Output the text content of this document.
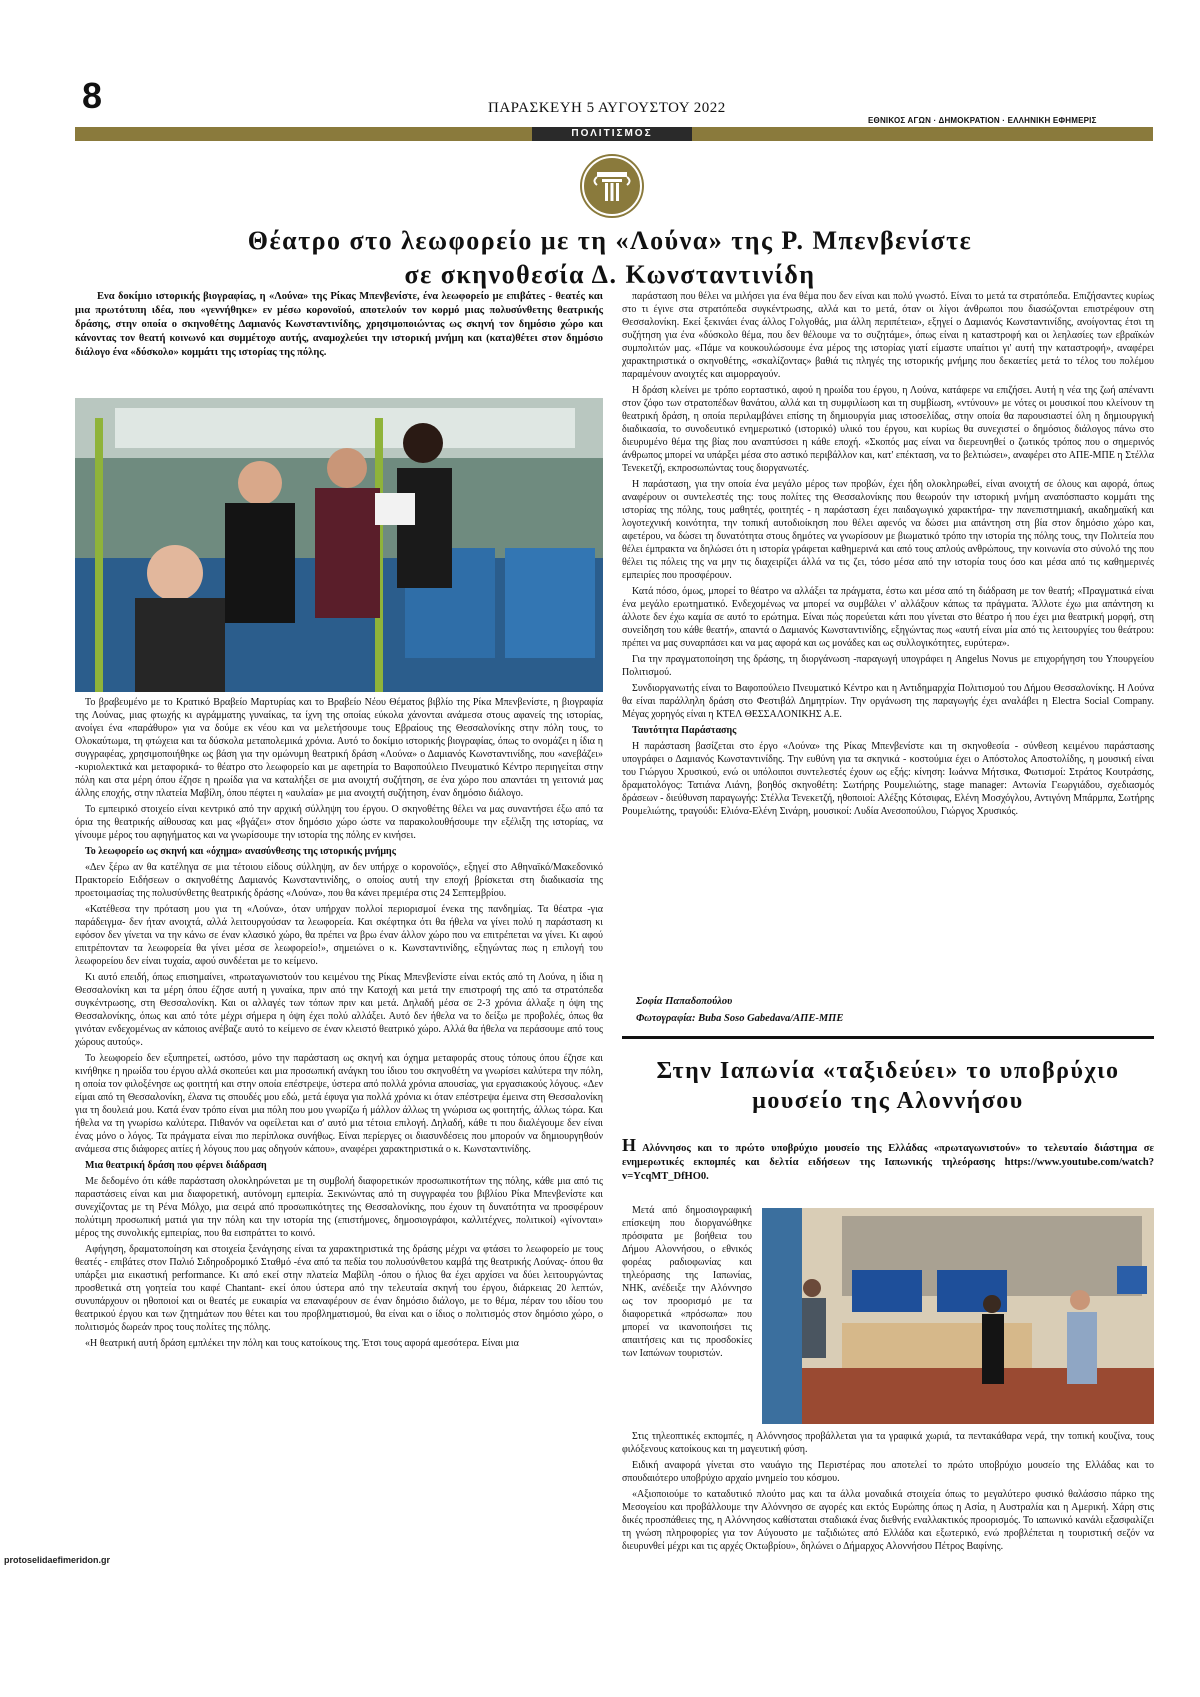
8	ΠΑΡΑΣΚΕΥΗ 5 ΑΥΓΟΥΣΤΟΥ 2022
ΕΘΝΙΚΟΣ ΑΓΩΝ · ΔΗΜΟΚΡΑΤΙΟΝ · ΕΛΛΗΝΙΚΗ ΕΦΗΜΕΡΙΣ
ΠΟΛΙΤΙΣΜΟΣ
Θέατρο στο λεωφορείο με τη «Λούνα» της Ρ. Μπενβενίστε
σε σκηνοθεσία Δ. Κωνσταντινίδη

Ενα δοκίμιο ιστορικής βιογραφίας, η «Λούνα» της Ρίκας Μπενβενίστε, ένα λεωφορείο με επιβάτες - θεατές και μια πρωτότυπη ιδέα, που «γεννήθηκε» εν μέσω κορονοϊού, αποτελούν τον κορμό μιας πολυσύνθετης θεατρικής δράσης, στην οποία ο σκηνοθέτης Δαμιανός Κωνσταντινίδης, χρησιμοποιώντας ως σκηνή τον δημόσιο χώρο και κάνοντας τον θεατή κοινωνό και συμμέτοχο αυτής, αναμοχλεύει την ιστορική μνήμη και (κατα)θέτει στον δημόσιο διάλογο ένα «δύσκολο» κομμάτι της ιστορίας της πόλης.

Το βραβευμένο με το Κρατικό Βραβείο Μαρτυρίας και το Βραβείο Νέου Θέματος βιβλίο της Ρίκα Μπενβενίστε, η βιογραφία της Λούνας, μιας φτωχής κι αγράμματης γυναίκας, τα ίχνη της οποίας εύκολα χάνονται ανάμεσα στους αφανείς της ιστορίας, ανοίγει ένα «παράθυρο» για να δούμε εκ νέου και να μελετήσουμε τους Εβραίους της Θεσσαλονίκης στην πόλη τους, το Ολοκαύτωμα, τη φτώχεια και τα δύσκολα μεταπολεμικά χρόνια. Αυτό το δοκίμιο ιστορικής βιογραφίας, όπως το ονομάζει η ίδια η συγγραφέας, χρησιμοποιήθηκε ως βάση για την ομώνυμη θεατρική δράση «Λούνα» ο Δαμιανός Κωνσταντινίδης, που «ανεβάζει» -κυριολεκτικά και μεταφορικά- το θέατρο στο λεωφορείο και με αφετηρία το Βαφοπούλειο Πνευματικό Κέντρο περιηγείται στην πόλη και στα μέρη όπου έζησε η ηρωίδα για να καταλήξει σε μια ανοιχτή συζήτηση, σε ένα χώρο που απαντάει τη γειτονιά μας άλλης εποχής, στην πλατεία Μαβίλη, όπου πέφτει η «αυλαία» με μια ανοιχτή συζήτηση, έναν δημόσιο διάλογο.

Το εμπειρικό στοιχείο είναι κεντρικό από την αρχική σύλληψη του έργου. Ο σκηνοθέτης θέλει να μας συναντήσει έξω από τα όρια της θεατρικής αίθουσας και μας «βγάζει» στον δημόσιο χώρο ώστε να παρακολουθήσουμε την εξέλιξη της ιστορίας, να γίνουμε μέρος του αφηγήματος και να γνωρίσουμε την ιστορία της πόλης εν κινήσει.

Το λεωφορείο ως σκηνή και «όχημα» ανασύνθεσης της ιστορικής μνήμης

«Δεν ξέρω αν θα κατέληγα σε μια τέτοιου είδους σύλληψη, αν δεν υπήρχε ο κορονοϊός», εξηγεί στο Αθηναϊκό/Μακεδονικό Πρακτορείο Ειδήσεων ο σκηνοθέτης Δαμιανός Κωνσταντινίδης, ο οποίος αυτή την εποχή βρίσκεται στη διαδικασία της προετοιμασίας της πολυσύνθετης θεατρικής δράσης «Λούνα», που θα κάνει πρεμιέρα στις 24 Σεπτεμβρίου.

«Κατέθεσα την πρόταση μου για τη «Λούνα», όταν υπήρχαν πολλοί περιορισμοί ένεκα της πανδημίας. Τα θέατρα -για παράδειγμα- δεν ήταν ανοιχτά, αλλά λειτουργούσαν τα λεωφορεία. Και σκέφτηκα ότι θα ήθελα να γίνει πολύ η παράσταση κι εφόσον δεν γίνεται να την κάνω σε έναν κλασικό χώρο, θα πρέπει να βρω έναν άλλον χώρο που να επιτρέπεται να γίνει. Κι αφού επιτρέπονταν τα λεωφορεία θα γίνει μέσα σε λεωφορείο!», σημειώνει ο κ. Κωνσταντινίδης, εξηγώντας πως η επιλογή του λεωφορείου δεν είναι τυχαία, αφού συνδέεται με το κείμενο.

Κι αυτό επειδή, όπως επισημαίνει, «πρωταγωνιστούν του κειμένου της Ρίκας Μπενβενίστε είναι εκτός από τη Λούνα, η ίδια η Θεσσαλονίκη και τα μέρη όπου έζησε αυτή η γυναίκα, πριν από την Κατοχή και μετά την επιστροφή της από τα στρατόπεδα συγκέντρωσης, στη Θεσσαλονίκη. Και οι αλλαγές των τόπων πριν και μετά. Δηλαδή μέσα σε 2-3 χρόνια άλλαξε η όψη της Θεσσαλονίκης, όπως και από τότε μέχρι σήμερα η όψη έχει πολύ αλλάξει. Αυτό δεν ήθελα να το δείξω με προβολές, όπως θα γινόταν ενδεχομένως αν κάποιος ανέβαζε αυτό το κείμενο σε έναν κλειστό θεατρικό χώρο. Αλλά θα ήθελα να περάσουμε από τους χώρους αυτούς».

Το λεωφορείο δεν εξυπηρετεί, ωστόσο, μόνο την παράσταση ως σκηνή και όχημα μεταφοράς στους τόπους όπου έζησε και κινήθηκε η ηρωίδα του έργου αλλά σκοπεύει και μια προσωπική ανάγκη του ίδιου του σκηνοθέτη να γνωρίσει καλύτερα την πόλη, η οποία τον φιλοξένησε ως φοιτητή και στην οποία επέστρεψε, ύστερα από πολλά χρόνια απουσίας, για εργασιακούς λόγους. «Δεν είμαι από τη Θεσσαλονίκη, έλανα τις σπουδές μου εδώ, μετά έφυγα για πολλά χρόνια κι όταν επέστρεψα έμεινα στη Θεσσαλονίκη για τη δουλειά μου. Κατά έναν τρόπο είναι μια πόλη που μου γνωρίζω ή μάλλον άλλως τη γνώρισα ως φοιτητής, άλλως τώρα. Και ήθελα να τη γνωρίσω καλύτερα. Πιθανόν να οφείλεται και σ' αυτό μια τέτοια επιλογή. Δηλαδή, κάθε τι που διαλέγουμε δεν είναι ένας μόνο ο λόγος. Τα πράγματα είναι πιο περίπλοκα συνήθως. Είναι περίεργες οι διασυνδέσεις που μπορούν να δημιουργηθούν ανάμεσα στις διάφορες αιτίες ή λόγους που μας οδηγούν κάπου», αναφέρει χαρακτηριστικά ο κ. Κωνσταντινίδης.

Μια θεατρική δράση που φέρνει διάδραση

Με δεδομένο ότι κάθε παράσταση ολοκληρώνεται με τη συμβολή διαφορετικών προσωπικοτήτων της πόλης, κάθε μια από τις παραστάσεις είναι και μια διαφορετική, αυτόνομη εμπειρία. Ξεκινώντας από τη συγγραφέα του βιβλίου Ρίκα Μπενβενίστε και συνεχίζοντας με τη Ρένα Μόλχο, μια σειρά από προσωπικότητες της Θεσσαλονίκης, που έχουν τη δυνατότητα να προσφέρουν πολύτιμη προσωπική ματιά για την πόλη και την ιστορία της (επιστήμονες, δημοσιογράφοι, καλλιτέχνες, πολιτικοί) «γίνονται» μέρος της συνολικής εμπειρίας, που θα εισπράττει το κοινό.

Αφήγηση, δραματοποίηση και στοιχεία ξενάγησης είναι τα χαρακτηριστικά της δράσης μέχρι να φτάσει το λεωφορείο με τους θεατές - επιβάτες στον Παλιό Σιδηροδρομικό Σταθμό -ένα από τα πεδία του πολυσύνθετου καμβά της θεατρικής Λούνας- όπου θα υπάρξει μια εικαστική performance. Κι από εκεί στην πλατεία Μαβίλη -όπου ο ήλιος θα έχει αρχίσει να δύει λειτουργώντας προσθετικά στη γοητεία του καφέ Chantant- εκεί όπου ύστερα από την τελευταία σκηνή του έργου, διάρκειας 20 λεπτών, συνυπάρχουν οι ηθοποιοί και οι θεατές με ευκαιρία να επαναφέρουν σε έναν δημόσιο διάλογο, με το θέμα, πέραν του ιδίου του θεατρικού έργου και των ζητημάτων που θέτει και του προβληματισμού, θα είναι και ο ίδιος ο πολιτισμός στον δημόσιο χώρο, ο πολιτισμός δωρεάν προς τους πολίτες της πόλης.

«Η θεατρική αυτή δράση εμπλέκει την πόλη και τους κατοίκους της. Έτσι τους αφορά αμεσότερα. Είναι μια

παράσταση που θέλει να μιλήσει για ένα θέμα που δεν είναι και πολύ γνωστό. Είναι το μετά τα στρατόπεδα. Επιζήσαντες κυρίως στο τι έγινε στα στρατόπεδα συγκέντρωσης, αλλά και το μετά, όταν οι λίγοι άνθρωποι που διασώζονται επιστρέφουν στη Θεσσαλονίκη. Εκεί ξεκινάει ένας άλλος Γολγοθάς, μια άλλη περιπέτεια», εξηγεί ο Δαμιανός Κωνσταντινίδης, ανοίγοντας έτσι τη συζήτηση για ένα «δύσκολο θέμα, που δεν θέλουμε να το συζητάμε», όπως είναι η καταστροφή και οι λεηλασίες των εβραϊκών συμπολιτών μας. «Πάμε να κουκουλώσουμε ένα μέρος της ιστορίας γιατί είμαστε υπαίτιοι γι' αυτή την καταστροφή», αναφέρει χαρακτηριστικά ο σκηνοθέτης, «σκαλίζοντας» βαθιά τις πληγές της ιστορικής μνήμης που δεκαετίες μετά το τέλος του πολέμου παραμένουν ανοιχτές και αιμορραγούν.

Η δράση κλείνει με τρόπο εορταστικό, αφού η ηρωίδα του έργου, η Λούνα, κατάφερε να επιζήσει. Αυτή η νέα της ζωή απέναντι στον ζόφο των στρατοπέδων θανάτου, αλλά και τη συμφιλίωση και τη συμβίωση, «ντύνουν» με νότες οι μουσικοί που κλείνουν τη θεατρική δράση, η οποία περιλαμβάνει επίσης τη δημιουργία μιας ιστοσελίδας, στην οποία θα παρουσιαστεί όλη η δημιουργική διαδικασία, το συνοδευτικό ενημερωτικό (ιστορικό) υλικό του έργου, και κυρίως θα συνεχιστεί ο δημόσιος διάλογος πάνω στο διευρυμένο θέμα της βίας που αναπτύσσει η κάθε εποχή. «Σκοπός μας είναι να διερευνηθεί ο ζωτικός τρόπος που ο σημερινός άνθρωπος μπορεί να υπάρξει μέσα στο αστικό περιβάλλον και, κατ' επέκταση, να το βελτιώσει», αναφέρει στο ΑΠΕ-ΜΠΕ η Στέλλα Τενεκετζή, εκπροσωπώντας τους διοργανωτές.

Η παράσταση, για την οποία ένα μεγάλο μέρος των προβών, έχει ήδη ολοκληρωθεί, είναι ανοιχτή σε όλους και αφορά, όπως αναφέρουν οι συντελεστές της: τους πολίτες της Θεσσαλονίκης που θεωρούν την ιστορική μνήμη αναπόσπαστο κομμάτι της ιστορίας της πόλης, τους μαθητές, φοιτητές - η παράσταση έχει παιδαγωγικό χαρακτήρα- την πανεπιστημιακή, ακαδημαϊκή και λογοτεχνική κοινότητα, την τοπική αυτοδιοίκηση που θέλει αφενός να δώσει μια απάντηση στη βία στον δημόσιο χώρο και, αφετέρου, να δώσει τη δυνατότητα στους δημότες να γνωρίσουν με βιωματικό τρόπο την ιστορία της πόλης τους, την Πολιτεία που θέλει έμπρακτα να δηλώσει ότι η ιστορία γράφεται καθημερινά και από τους απλούς ανθρώπους, την κοινωνία στο σύνολό της που θέλει τις πόλεις της να μην τις διαχειρίζει άλλά να τις ζει, τόσο μέσα από την ιστορία τους όσο και μέσα από τις καθημερινές εμπειρίες που προσφέρουν.

Κατά πόσο, όμως, μπορεί το θέατρο να αλλάξει τα πράγματα, έστω και μέσα από τη διάδραση με τον θεατή; «Πραγματικά είναι ένα μεγάλο ερωτηματικό. Ενδεχομένως να μπορεί να συμβάλει ν' αλλάξουν κάπως τα πράγματα. Άλλοτε έχω μια απάντηση κι άλλοτε δεν έχω καμία σε αυτό το ερώτημα. Είναι πώς πορεύεται κάτι που γίνεται στο θέατρο ή που έχει μια θεατρική μορφή, στη συνείδηση του κάθε θεατή», απαντά ο Δαμιανός Κωνσταντινίδης, εξηγώντας πως «αυτή είναι μία από τις λειτουργίες του θεάτρου: πρέπει να μας συναρπάσει και να μας αφορά και ως μονάδες και ως συλλογικότητες, ευρύτερα».

Για την πραγματοποίηση της δράσης, τη διοργάνωση -παραγωγή υπογράφει η Angelus Novus με επιχορήγηση του Υπουργείου Πολιτισμού.

Συνδιοργανωτής είναι το Βαφοπούλειο Πνευματικό Κέντρο και η Αντιδημαρχία Πολιτισμού του Δήμου Θεσσαλονίκης. Η Λούνα θα είναι παράλληλη δράση στο Φεστιβάλ Δημητρίων. Την οργάνωση της παραγωγής έχει αναλάβει η Electra Social Company. Μέγας χορηγός είναι η ΚΤΕΛ ΘΕΣΣΑΛΟΝΙΚΗΣ Α.Ε.

Ταυτότητα Παράστασης

Η παράσταση βασίζεται στο έργο «Λούνα» της Ρίκας Μπενβενίστε και τη σκηνοθεσία - σύνθεση κειμένου παράστασης υπογράφει ο Δαμιανός Κωνσταντινίδης. Την ευθύνη για τα σκηνικά - κοστούμια έχει ο Απόστολος Αποστολίδης, η μουσική είναι του Γιώργου Χρυσικού, ενώ οι υπόλοιποι συντελεστές έχουν ως εξής: κίνηση: Ιωάννα Μήτσικα, Φωτισμοί: Στράτος Κουτράσης, δραματολόγος: Τατιάνα Λιάνη, βοηθός σκηνοθέτη: Σωτήρης Ρουμελιώτης, stage manager: Αντωνία Γεωργιάδου, σχεδιασμός δράσεων - διεύθυνση παραγωγής: Στέλλα Τενεκετζή, ηθοποιοί: Αλέξης Κότσιφας, Ελένη Μοσχόγλου, Αντιγόνη Μπάρμπα, Σωτήρης Ρουμελιώτης, τραγούδι: Ελιόνα-Ελένη Σινάρη, μουσικοί: Λυδία Ανεσοπούλου, Γιώργος Χρυσικός.

Σοφία Παπαδοπούλου
Φωτογραφία: Buba Soso Gabedava/ΑΠΕ-ΜΠΕ
Στην Ιαπωνία «ταξιδεύει» το υποβρύχιο
μουσείο της Αλοννήσου

Η Αλόννησος και το πρώτο υποβρύχιο μουσείο της Ελλάδας «πρωταγωνιστούν» το τελευταίο διάστημα σε ενημερωτικές εκπομπές και δελτία ειδήσεων της Ιαπωνικής τηλεόρασης https://www.youtube.com/watch?v=YcqMT_DfHO0.

Μετά από δημοσιογραφική επίσκεψη που διοργανώθηκε πρόσφατα με βοήθεια του Δήμου Αλοννήσου, ο εθνικός φορέας ραδιοφωνίας και τηλεόρασης της Ιαπωνίας, NHK, ανέδειξε την Αλόννησο ως τον προορισμό με τα διαφορετικά «πρόσωπα» που μπορεί να ικανοποιήσει τις απαιτήσεις και τις προσδοκίες των Ιαπώνων τουριστών.

Στις τηλεοπτικές εκπομπές, η Αλόννησος προβάλλεται για τα γραφικά χωριά, τα πεντακάθαρα νερά, την τοπική κουζίνα, τους φιλόξενους κατοίκους και τη μαγευτική φύση.

Ειδική αναφορά γίνεται στο ναυάγιο της Περιστέρας που αποτελεί το πρώτο υποβρύχιο μουσείο της Ελλάδας και το σπουδαιότερο υποβρύχιο αρχαίο μνημείο του κόσμου.

«Αξιοποιούμε το καταδυτικό πλούτο μας και τα άλλα μοναδικά στοιχεία όπως το μεγαλύτερο φυσικό θαλάσσιο πάρκο της Μεσογείου και προβάλλουμε την Αλόννησο σε αγορές και εκτός Ευρώπης όπως η Ασία, η Αυστραλία και η Αμερική. Χάρη στις δικές προσπάθειες της, η Αλόννησος καθίσταται σταδιακά ένας διεθνής εναλλακτικός προορισμός. Το ιαπωνικό κανάλι εξασφαλίζει τη γνώση πληροφορίες για τον Αύγουστο με ταξιδιώτες από Ελλάδα και εξωτερικό, ενώ προβλέπεται η τουριστική σεζόν να διευρυνθεί μέχρι και τις αρχές Οκτωβρίου», δηλώνει ο Δήμαρχος Αλοννήσου Πέτρος Βαφίνης.

protoselidaefimeridon.gr
